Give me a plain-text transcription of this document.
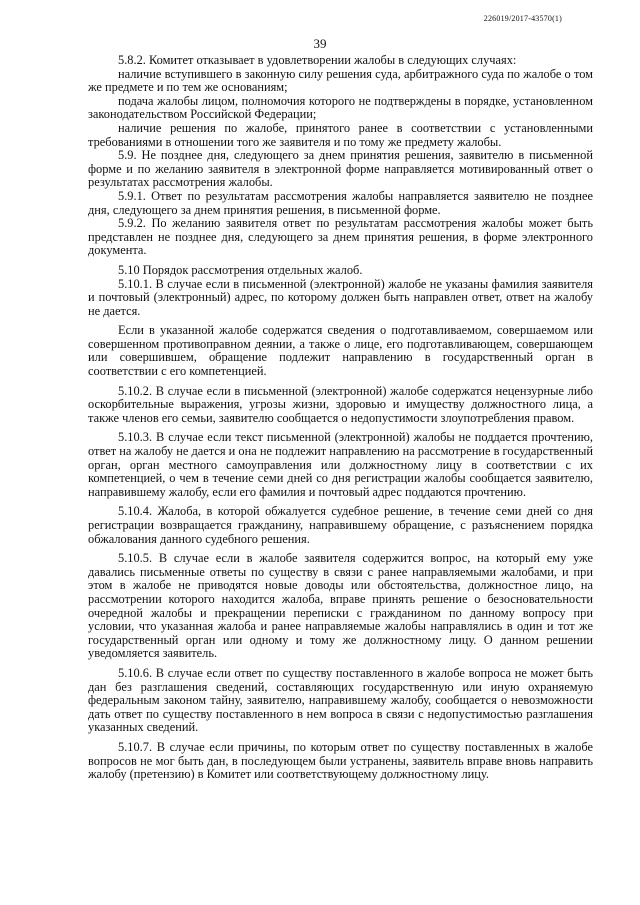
226019/2017-43570(1)
39

5.8.2. Комитет отказывает в удовлетворении жалобы в следующих случаях:

наличие вступившего в законную силу решения суда, арбитражного суда по жалобе о том же предмете и по тем же основаниям;

подача жалобы лицом, полномочия которого не подтверждены в порядке, установленном законодательством Российской Федерации;

наличие решения по жалобе, принятого ранее в соответствии с установленными требованиями в отношении того же заявителя и по тому же предмету жалобы.

5.9. Не позднее дня, следующего за днем принятия решения, заявителю в письменной форме и по желанию заявителя в электронной форме направляется мотивированный ответ о результатах рассмотрения жалобы.

5.9.1. Ответ по результатам рассмотрения жалобы направляется заявителю не позднее дня, следующего за днем принятия решения, в письменной форме.

5.9.2. По желанию заявителя ответ по результатам рассмотрения жалобы может быть представлен не позднее дня, следующего за днем принятия решения, в форме электронного документа.

5.10 Порядок рассмотрения отдельных жалоб.

5.10.1. В случае если в письменной (электронной) жалобе не указаны фамилия заявителя и почтовый (электронный) адрес, по которому должен быть направлен ответ, ответ на жалобу не дается.

Если в указанной жалобе содержатся сведения о подготавливаемом, совершаемом или совершенном противоправном деянии, а также о лице, его подготавливающем, совершающем или совершившем, обращение подлежит направлению в государственный орган в соответствии с его компетенцией.

5.10.2. В случае если в письменной (электронной) жалобе содержатся нецензурные либо оскорбительные выражения, угрозы жизни, здоровью и имуществу должностного лица, а также членов его семьи, заявителю сообщается о недопустимости злоупотребления правом.

5.10.3. В случае если текст письменной (электронной) жалобы не поддается прочтению, ответ на жалобу не дается и она не подлежит направлению на рассмотрение в государственный орган, орган местного самоуправления или должностному лицу в соответствии с их компетенцией, о чем в течение семи дней со дня регистрации жалобы сообщается заявителю, направившему жалобу, если его фамилия и почтовый адрес поддаются прочтению.

5.10.4. Жалоба, в которой обжалуется судебное решение, в течение семи дней со дня регистрации возвращается гражданину, направившему обращение, с разъяснением порядка обжалования данного судебного решения.

5.10.5. В случае если в жалобе заявителя содержится вопрос, на который ему уже давались письменные ответы по существу в связи с ранее направляемыми жалобами, и при этом в жалобе не приводятся новые доводы или обстоятельства, должностное лицо, на рассмотрении которого находится жалоба, вправе принять решение о безосновательности очередной жалобы и прекращении переписки с гражданином по данному вопросу при условии, что указанная жалоба и ранее направляемые жалобы направлялись в один и тот же государственный орган или одному и тому же должностному лицу. О данном решении уведомляется заявитель.

5.10.6. В случае если ответ по существу поставленного в жалобе вопроса не может быть дан без разглашения сведений, составляющих государственную или иную охраняемую федеральным законом тайну, заявителю, направившему жалобу, сообщается о невозможности дать ответ по существу поставленного в нем вопроса в связи с недопустимостью разглашения указанных сведений.

5.10.7. В случае если причины, по которым ответ по существу поставленных в жалобе вопросов не мог быть дан, в последующем были устранены, заявитель вправе вновь направить жалобу (претензию) в Комитет или соответствующему должностному лицу.
